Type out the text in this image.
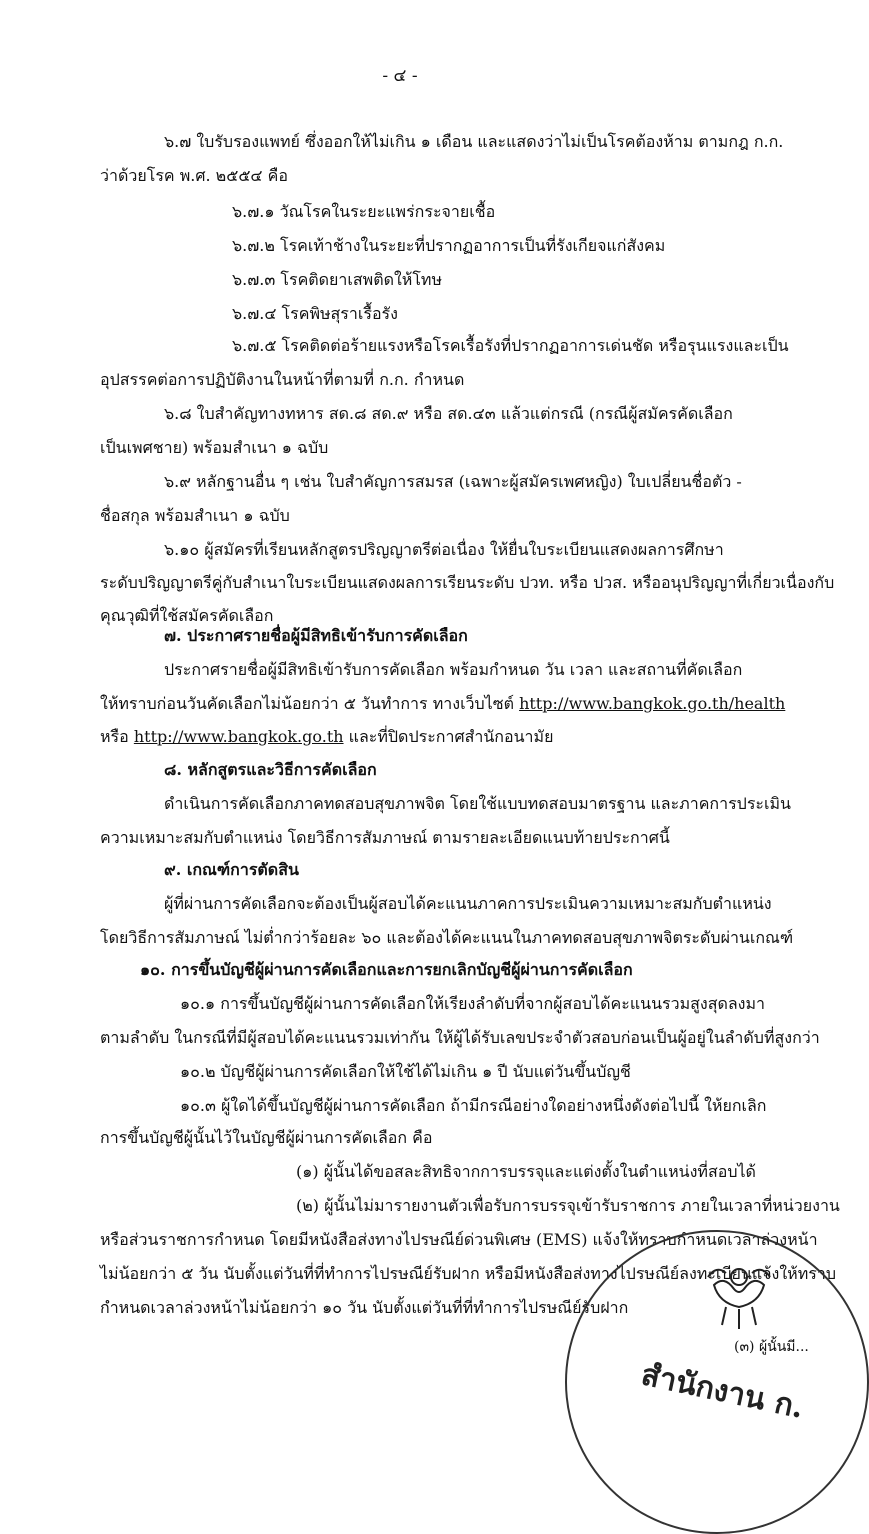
- ๔ -
๖.๗ ใบรับรองแพทย์ ซึ่งออกให้ไม่เกิน ๑ เดือน และแสดงว่าไม่เป็นโรคต้องห้าม ตามกฎ ก.ก.
ว่าด้วยโรค พ.ศ. ๒๕๕๔ คือ
๖.๗.๑ วัณโรคในระยะแพร่กระจายเชื้อ
๖.๗.๒ โรคเท้าช้างในระยะที่ปรากฏอาการเป็นที่รังเกียจแก่สังคม
๖.๗.๓ โรคติดยาเสพติดให้โทษ
๖.๗.๔ โรคพิษสุราเรื้อรัง
๖.๗.๕ โรคติดต่อร้ายแรงหรือโรคเรื้อรังที่ปรากฏอาการเด่นชัด หรือรุนแรงและเป็น
อุปสรรคต่อการปฏิบัติงานในหน้าที่ตามที่ ก.ก. กำหนด
๖.๘ ใบสำคัญทางทหาร สด.๘ สด.๙ หรือ สด.๔๓ แล้วแต่กรณี (กรณีผู้สมัครคัดเลือก
เป็นเพศชาย) พร้อมสำเนา ๑ ฉบับ
๖.๙ หลักฐานอื่น ๆ เช่น ใบสำคัญการสมรส (เฉพาะผู้สมัครเพศหญิง) ใบเปลี่ยนชื่อตัว -
ชื่อสกุล พร้อมสำเนา ๑ ฉบับ
๖.๑๐ ผู้สมัครที่เรียนหลักสูตรปริญญาตรีต่อเนื่อง ให้ยื่นใบระเบียนแสดงผลการศึกษา
ระดับปริญญาตรีคู่กับสำเนาใบระเบียนแสดงผลการเรียนระดับ ปวท. หรือ ปวส. หรืออนุปริญญาที่เกี่ยวเนื่องกับ
คุณวุฒิที่ใช้สมัครคัดเลือก
๗. ประกาศรายชื่อผู้มีสิทธิเข้ารับการคัดเลือก
ประกาศรายชื่อผู้มีสิทธิเข้ารับการคัดเลือก พร้อมกำหนด วัน เวลา และสถานที่คัดเลือก
ให้ทราบก่อนวันคัดเลือกไม่น้อยกว่า ๕ วันทำการ ทางเว็บไซต์ http://www.bangkok.go.th/health
หรือ http://www.bangkok.go.th และที่ปิดประกาศสำนักอนามัย
๘. หลักสูตรและวิธีการคัดเลือก
ดำเนินการคัดเลือกภาคทดสอบสุขภาพจิต โดยใช้แบบทดสอบมาตรฐาน และภาคการประเมิน
ความเหมาะสมกับตำแหน่ง โดยวิธีการสัมภาษณ์ ตามรายละเอียดแนบท้ายประกาศนี้
๙. เกณฑ์การตัดสิน
ผู้ที่ผ่านการคัดเลือกจะต้องเป็นผู้สอบได้คะแนนภาคการประเมินความเหมาะสมกับตำแหน่ง
โดยวิธีการสัมภาษณ์ ไม่ต่ำกว่าร้อยละ ๖๐ และต้องได้คะแนนในภาคทดสอบสุขภาพจิตระดับผ่านเกณฑ์
๑๐. การขึ้นบัญชีผู้ผ่านการคัดเลือกและการยกเลิกบัญชีผู้ผ่านการคัดเลือก
๑๐.๑ การขึ้นบัญชีผู้ผ่านการคัดเลือกให้เรียงลำดับที่จากผู้สอบได้คะแนนรวมสูงสุดลงมา
ตามลำดับ ในกรณีที่มีผู้สอบได้คะแนนรวมเท่ากัน ให้ผู้ได้รับเลขประจำตัวสอบก่อนเป็นผู้อยู่ในลำดับที่สูงกว่า
๑๐.๒ บัญชีผู้ผ่านการคัดเลือกให้ใช้ได้ไม่เกิน ๑ ปี นับแต่วันขึ้นบัญชี
๑๐.๓ ผู้ใดได้ขึ้นบัญชีผู้ผ่านการคัดเลือก ถ้ามีกรณีอย่างใดอย่างหนึ่งดังต่อไปนี้ ให้ยกเลิก
การขึ้นบัญชีผู้นั้นไว้ในบัญชีผู้ผ่านการคัดเลือก คือ
(๑) ผู้นั้นได้ขอสละสิทธิจากการบรรจุและแต่งตั้งในตำแหน่งที่สอบได้
(๒) ผู้นั้นไม่มารายงานตัวเพื่อรับการบรรจุเข้ารับราชการ ภายในเวลาที่หน่วยงาน
หรือส่วนราชการกำหนด โดยมีหนังสือส่งทางไปรษณีย์ด่วนพิเศษ (EMS) แจ้งให้ทราบกำหนดเวลาล่วงหน้า
ไม่น้อยกว่า ๕ วัน นับตั้งแต่วันที่ที่ทำการไปรษณีย์รับฝาก หรือมีหนังสือส่งทางไปรษณีย์ลงทะเบียนแจ้งให้ทราบ
กำหนดเวลาล่วงหน้าไม่น้อยกว่า ๑๐ วัน นับตั้งแต่วันที่ที่ทำการไปรษณีย์รับฝาก
(๓) ผู้นั้นมี...
สำนักงาน ก.
